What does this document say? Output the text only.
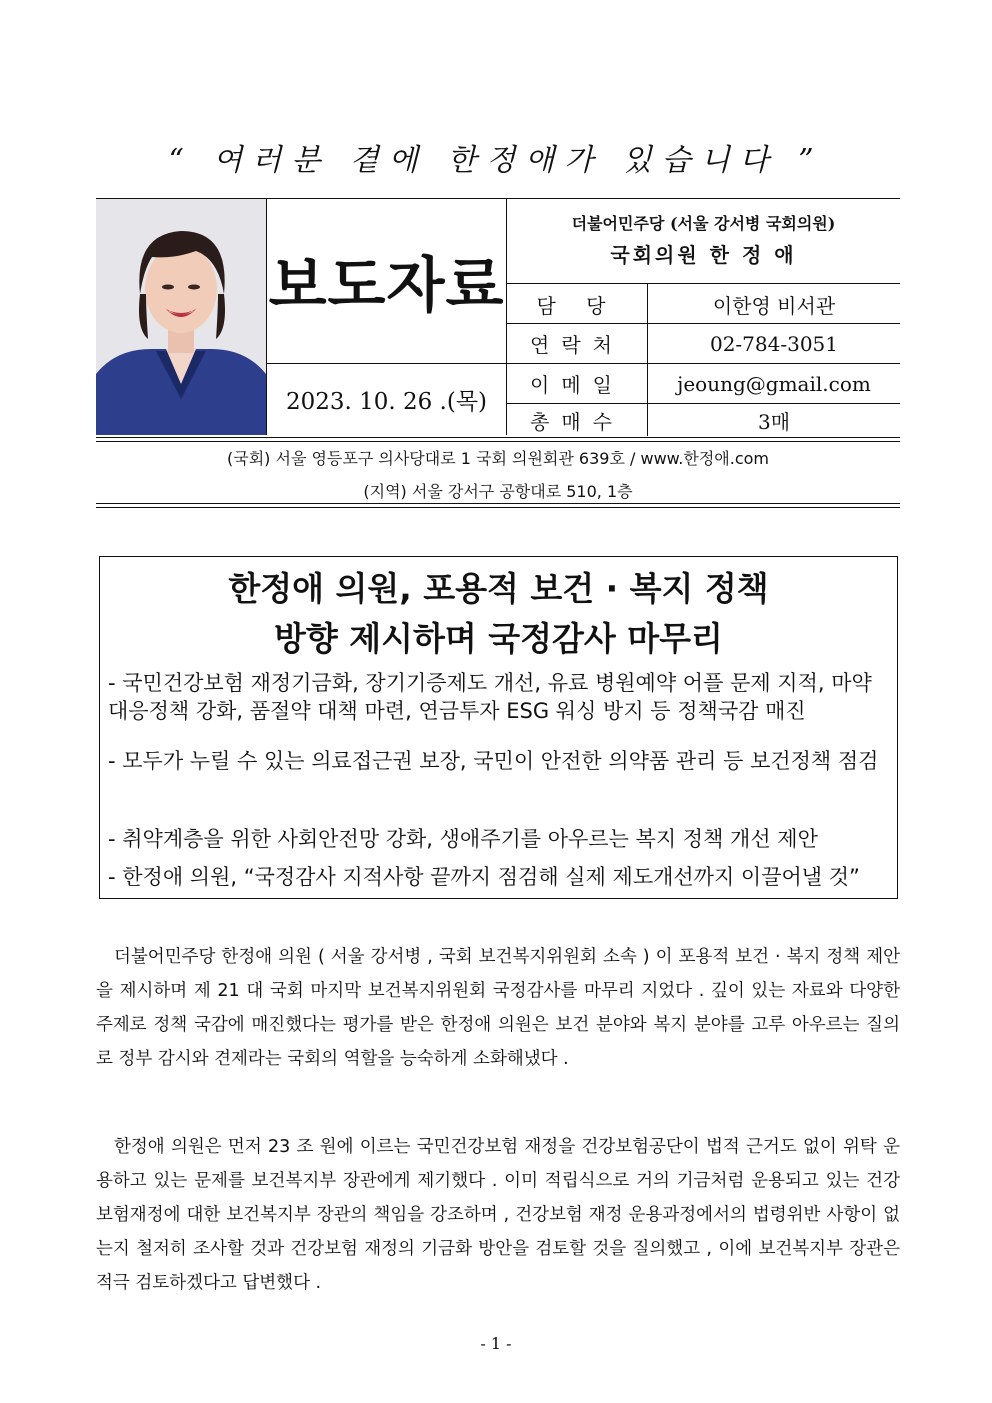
“ 여러분 곁에 한정애가 있습니다 ”
보도자료
2023. 10. 26 .(목)
더불어민주당 (서울 강서병 국회의원)
국회의원 한 정 애
담 당	이한영 비서관
연락처	02-784-3051
이메일	jeoung@gmail.com
총매수	3매
(국회) 서울 영등포구 의사당대로 1 국회 의원회관 639호 / www.한정애.com
(지역) 서울 강서구 공항대로 510, 1층
한정애 의원, 포용적 보건 · 복지 정책
방향 제시하며 국정감사 마무리
- 국민건강보험 재정기금화, 장기기증제도 개선, 유료 병원예약 어플 문제 지적, 마약대응정책 강화, 품절약 대책 마련, 연금투자 ESG 워싱 방지 등 정책국감 매진
- 모두가 누릴 수 있는 의료접근권 보장, 국민이 안전한 의약품 관리 등 보건정책 점검
- 취약계층을 위한 사회안전망 강화, 생애주기를 아우르는 복지 정책 개선 제안
- 한정애 의원, “국정감사 지적사항 끝까지 점검해 실제 제도개선까지 이끌어낼 것”
더불어민주당 한정애 의원 ( 서울 강서병 , 국회 보건복지위원회 소속 ) 이 포용적 보건 · 복지 정책 제안을 제시하며 제 21 대 국회 마지막 보건복지위원회 국정감사를 마무리 지었다 . 깊이 있는 자료와 다양한 주제로 정책 국감에 매진했다는 평가를 받은 한정애 의원은 보건 분야와 복지 분야를 고루 아우르는 질의로 정부 감시와 견제라는 국회의 역할을 능숙하게 소화해냈다 .
한정애 의원은 먼저 23 조 원에 이르는 국민건강보험 재정을 건강보험공단이 법적 근거도 없이 위탁 운용하고 있는 문제를 보건복지부 장관에게 제기했다 . 이미 적립식으로 거의 기금처럼 운용되고 있는 건강보험재정에 대한 보건복지부 장관의 책임을 강조하며 , 건강보험 재정 운용과정에서의 법령위반 사항이 없는지 철저히 조사할 것과 건강보험 재정의 기금화 방안을 검토할 것을 질의했고 , 이에 보건복지부 장관은 적극 검토하겠다고 답변했다 .
- 1 -
